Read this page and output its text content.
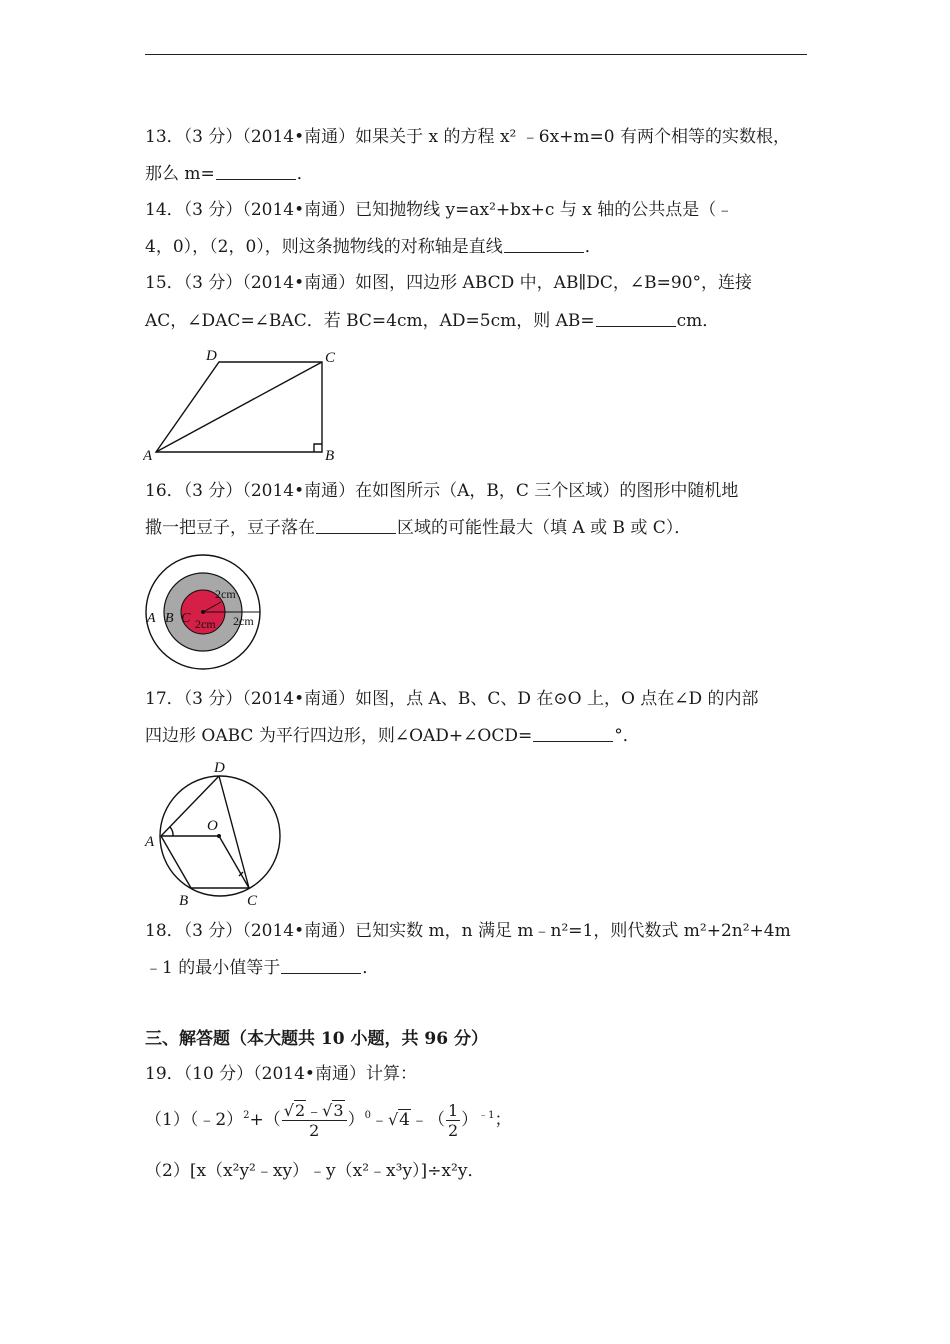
13．（3 分）（2014•南通）如果关于 x 的方程 x² ﹣6x+m=0 有两个相等的实数根，
那么 m=	．
14．（3 分）（2014•南通）已知抛物线 y=ax²+bx+c 与 x 轴的公共点是（﹣
4，0），（2，0），则这条抛物线的对称轴是直线	．
15．（3 分）（2014•南通）如图，四边形 ABCD 中，AB∥DC，∠B=90°，连接
AC，∠DAC=∠BAC．若 BC=4cm，AD=5cm，则 AB=	cm．
A	B
C
D
16．（3 分）（2014•南通）在如图所示（A，B，C 三个区域）的图形中随机地
撒一把豆子，豆子落在	区域的可能性最大（填 A 或 B 或 C）．
A B C
2cm
2cm 2cm
17．（3 分）（2014•南通）如图，点 A、B、C、D 在⊙O 上，O 点在∠D 的内部
四边形 OABC 为平行四边形，则∠OAD+∠OCD=	°．
A
B	C
D
O
18．（3 分）（2014•南通）已知实数 m，n 满足 m﹣n²=1，则代数式 m²+2n²+4m
﹣1 的最小值等于	．
三、解答题（本大题共 10 小题，共 96 分）
19．（10 分）（2014•南通）计算：
（1）（﹣2）$^2$+（ $\frac{√2﹣√3}{2}$ ）$^0$﹣√4﹣（ $\frac{1}{2} )^{﹣1}$；
（2）[x（x²y²﹣xy）﹣y（x²﹣x³y）]÷x²y．
